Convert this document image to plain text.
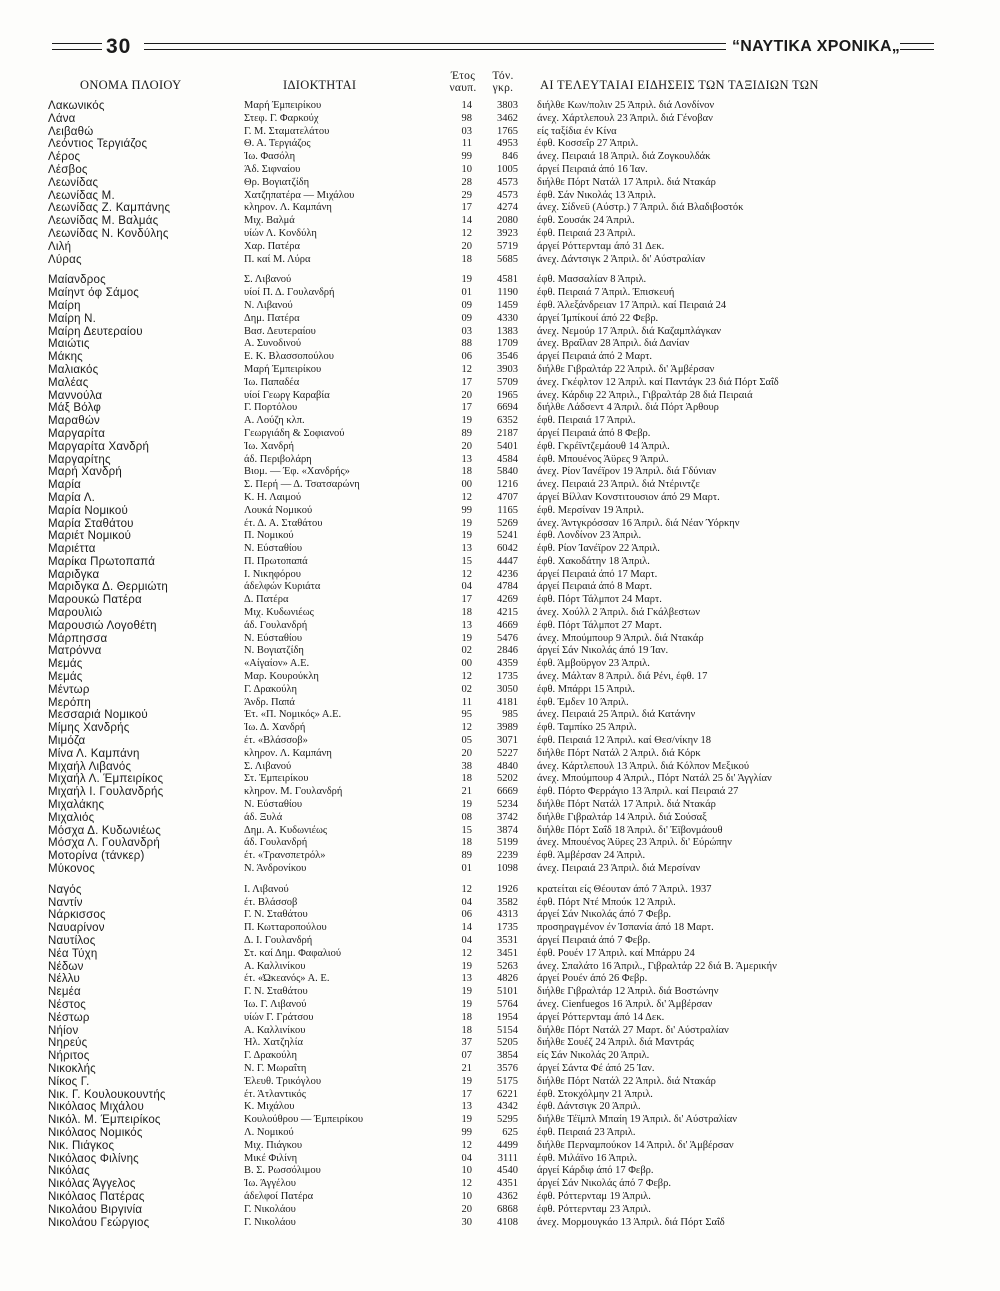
30	“ΝΑΥΤΙΚΑ ΧΡΟΝΙΚΑ„
ΟΝΟΜΑ ΠΛΟΙΟΥ	ΙΔΙΟΚΤΗΤΑΙ
Έτος ναυπ.
Τόν. γκρ.	ΑΙ ΤΕΛΕΥΤΑΙΑΙ ΕΙΔΗΣΕΙΣ ΤΩΝ ΤΑΞΙΔΙΩΝ ΤΩΝ
Λακωνικός	Μαρή Έμπειρίκου	14	3803 διήλθε Κων/πολιν 25 Άπριλ. διά Λονδίνον
Λάνα	Στεφ. Γ. Φαρκούχ	98	3462 άνεχ. Χάρτλεπουλ 23 Άπριλ. διά Γένοβαν
Λειβαθώ	Γ. Μ. Σταματελάτου	03	1765 είς ταξίδια έν Κίνα
Λεόντιος Τεργιάζος	Θ. Α. Τεργιάζος	11	4953 έφθ. Κοσσεΐρ 27 Άπριλ.
Λέρος	Ίω. Φασόλη	99	846 άνεχ. Πειραιά 18 Άπριλ. διά Ζογκουλδάκ
Λέσβος	Άδ. Σιφναίου	10	1005 άργεί Πειραιά άπό 16 Ίαν.
Λεωνίδας	Θρ. Βογιατζίδη	28	4573 διήλθε Πόρτ Νατάλ 17 Άπριλ. διά Ντακάρ
Λεωνίδας Μ.	Χατζηπατέρα — Μιχάλου	29	4573 έφθ. Σάν Νικολάς 13 Άπριλ.
Λεωνίδας Ζ. Καμπάνης	κληρον. Λ. Καμπάνη	17	4274 άνεχ. Σίδνεϋ (Αύστρ.) 7 Άπριλ. διά Βλαδιβοστόκ
Λεωνίδας Μ. Βαλμάς	Μιχ. Βαλμά	14	2080 έφθ. Σουσάκ 24 Άπριλ.
Λεωνίδας Ν. Κονδύλης	υίών Λ. Κονδύλη	12	3923 έφθ. Πειραιά 23 Άπριλ.
Λιλή	Χαρ. Πατέρα	20	5719 άργεί Ρόττερνταμ άπό 31 Δεκ.
Λύρας	Π. καί Μ. Λύρα	18	5685 άνεχ. Δάντσιγκ 2 Άπριλ. δι' Αύστραλίαν
Μαίανδρος	Σ. Λιβανού	19	4581 έφθ. Μασσαλίαν 8 Άπριλ.
Μαίηντ όφ Σάμος	υίοί Π. Δ. Γουλανδρή	01	1190 έφθ. Πειραιά 7 Άπριλ. Έπισκευή
Μαίρη	Ν. Λιβανού	09	1459 έφθ. Άλεξάνδρειαν 17 Άπριλ. καί Πειραιά 24
Μαίρη Ν.	Δημ. Πατέρα	09	4330 άργεί Ίμπίκουί άπό 22 Φεβρ.
Μαίρη Δευτεραίου	Βασ. Δευτεραίου	03	1383 άνεχ. Νεμούρ 17 Άπριλ. διά Καζαμπλάγκαν
Μαιώτις	Α. Συνοδινού	88	1709 άνεχ. Βραΐλαν 28 Άπριλ. διά Δανίαν
Μάκης	Ε. Κ. Βλασσοπούλου	06	3546 άργεί Πειραιά άπό 2 Μαρτ.
Μαλιακός	Μαρή Έμπειρίκου	12	3903 διήλθε Γιβραλτάρ 22 Άπριλ. δι' Άμβέρσαν
Μαλέας	Ίω. Παπαδέα	17	5709 άνεχ. Γκέφλτον 12 Άπριλ. καί Παντάγκ 23 διά Πόρτ Σαΐδ
Μαννούλα	υίοί Γεωργ Καραβία	20	1965 άνεχ. Κάρδιφ 22 Άπριλ., Γιβραλτάρ 28 διά Πειραιά
Μάξ Βόλφ	Γ. Πορτόλου	17	6694 διήλθε Λάδσεντ 4 Άπριλ. διά Πόρτ Άρθουρ
Μαραθών	Α. Λούζη κλπ.	19	6352 έφθ. Πειραιά 17 Άπριλ.
Μαργαρίτα	Γεωργιάδη & Σοφιανού	89	2187 άργεί Πειραιά άπό 8 Φεβρ.
Μαργαρίτα Χανδρή	Ίω. Χανδρή	20	5401 έφθ. Γκρέϊντζεμάουθ 14 Άπριλ.
Μαργαρίτης	άδ. Περιβολάρη	13	4584 έφθ. Μπουένος Άϋρες 9 Άπριλ.
Μαρή Χανδρή	Βιομ. — Έφ. «Χανδρής»	18	5840 άνεχ. Ρίον Ίανέϊρον 19 Άπριλ. διά Γδύνιαν
Μαρία	Σ. Περή — Δ. Τσατσαρώνη	00	1216 άνεχ. Πειραιά 23 Άπριλ. διά Ντέριντζε
Μαρία Λ.	Κ. Η. Λαιμού	12	4707 άργεί Βίλλαν Κονστιτουσιον άπό 29 Μαρτ.
Μαρία Νομικού	Λουκά Νομικού	99	1165 έφθ. Μερσίναν 19 Άπριλ.
Μαρία Σταθάτου	έτ. Δ. Α. Σταθάτου	19	5269 άνεχ. Άντγκρόσσαν 16 Άπριλ. διά Νέαν Ύόρκην
Μαριέτ Νομικού	Π. Νομικού	19	5241 έφθ. Λονδίνον 23 Άπριλ.
Μαριέττα	Ν. Εύσταθίου	13	6042 έφθ. Ρίον Ίανέϊρον 22 Άπριλ.
Μαρίκα Πρωτοπαπά	Π. Πρωτοπαπά	15	4447 έφθ. Χακοδάτην 18 Άπριλ.
Μαριδγκα	Ι. Νικηφόρου	12	4236 άργεί Πειραιά άπό 17 Μαρτ.
Μαριδγκα Δ. Θερμιώτη	άδελφών Κυριάτα	04	4784 άργεί Πειραιά άπό 8 Μαρτ.
Μαρουκώ Πατέρα	Δ. Πατέρα	17	4269 έφθ. Πόρτ Τάλμποτ 24 Μαρτ.
Μαρουλιώ	Μιχ. Κυδωνιέως	18	4215 άνεχ. Χούλλ 2 Άπριλ. διά Γκάλβεστων
Μαρουσιώ Λογοθέτη	άδ. Γουλανδρή	13	4669 έφθ. Πόρτ Τάλμποτ 27 Μαρτ.
Μάρπησσα	Ν. Εύσταθίου	19	5476 άνεχ. Μπούμπουρ 9 Άπριλ. διά Ντακάρ
Ματρόννα	Ν. Βογιατζίδη	02	2846 άργεί Σάν Νικολάς άπό 19 Ίαν.
Μεμάς	«Αίγαίον» Α.Ε.	00	4359 έφθ. Άμβοϋργον 23 Άπριλ.
Μεμάς	Μαρ. Κουρούκλη	12	1735 άνεχ. Μάλταν 8 Άπριλ. διά Ρένι, έφθ. 17
Μέντωρ	Γ. Δρακούλη	02	3050 έφθ. Μπάρρι 15 Άπριλ.
Μερόπη	Άνδρ. Παπά	11	4181 έφθ. Έμδεν 10 Άπριλ.
Μεσσαριά Νομικού	Έτ. «Π. Νομικός» Α.Ε.	95	985 άνεχ. Πειραιά 25 Άπριλ. διά Κατάνην
Μίμης Χανδρής	Ίω. Δ. Χανδρή	12	3989 έφθ. Ταμπίκο 25 Άπριλ.
Μιμόζα	έτ. «Βλάσσοβ»	05	3071 έφθ. Πειραιά 12 Άπριλ. καί Θεσ/νίκην 18
Μίνα Λ. Καμπάνη	κληρον. Λ. Καμπάνη	20	5227 διήλθε Πόρτ Νατάλ 2 Άπριλ. διά Κόρκ
Μιχαήλ Λιβανός	Σ. Λιβανού	38	4840 άνεχ. Κάρτλεπουλ 13 Άπριλ. διά Κόλπον Μεξικού
Μιχαήλ Λ. Έμπειρίκος	Στ. Έμπειρίκου	18	5202 άνεχ. Μπούμπουρ 4 Άπριλ., Πόρτ Νατάλ 25 δι' Άγγλίαν
Μιχαήλ Ι. Γουλανδρής	κληρον. Μ. Γουλανδρή	21	6669 έφθ. Πόρτο Φερράγιο 13 Άπριλ. καί Πειραιά 27
Μιχαλάκης	Ν. Εύσταθίου	19	5234 διήλθε Πόρτ Νατάλ 17 Άπριλ. διά Ντακάρ
Μιχαλιός	άδ. Ξυλά	08	3742 διήλθε Γιβραλτάρ 14 Άπριλ. διά Σούσαξ
Μόσχα Δ. Κυδωνιέως	Δημ. Α. Κυδωνιέως	15	3874 διήλθε Πόρτ Σαΐδ 18 Άπριλ. δι' Έϊβονμάουθ
Μόσχα Λ. Γουλανδρή	άδ. Γουλανδρή	18	5199 άνεχ. Μπουένος Άϋρες 23 Άπριλ. δι' Εύρώπην
Μοτορίνα (τάνκερ)	έτ. «Τρανσπετρόλ»	89	2239 έφθ. Άμβέρσαν 24 Άπριλ.
Μύκονος	Ν. Άνδρονίκου	01	1098 άνεχ. Πειραιά 23 Άπριλ. διά Μερσίναν
Ναγός	Ι. Λιβανού	12	1926 κρατείται είς Θέουταν άπό 7 Άπριλ. 1937
Ναντίν	έτ. Βλάσσοβ	04	3582 έφθ. Πόρτ Ντέ Μπούκ 12 Άπριλ.
Νάρκισσος	Γ. Ν. Σταθάτου	06	4313 άργεί Σάν Νικολάς άπό 7 Φεβρ.
Ναυαρίνον	Π. Κωτταροπούλου	14	1735 προσηραγμένον έν Ίσπανία άπό 18 Μαρτ.
Ναυτίλος	Δ. Ι. Γουλανδρή	04	3531 άργεί Πειραιά άπό 7 Φεβρ.
Νέα Τύχη	Στ. καί Δημ. Φαφαλιού	12	3451 έφθ. Ρουέν 17 Άπριλ. καί Μπάρρυ 24
Νέδων	Α. Καλλινίκου	19	5263 άνεχ. Σπαλάτο 16 Άπριλ., Γιβραλτάρ 22 διά Β. Άμερικήν
Νέλλυ	έτ. «Ώκεανός» Α. Ε.	13	4826 άργεί Ρουέν άπό 26 Φεβρ.
Νεμέα	Γ. Ν. Σταθάτου	19	5101 διήλθε Γιβραλτάρ 12 Άπριλ. διά Βοστώνην
Νέστος	Ίω. Γ. Λιβανού	19	5764 άνεχ. Cienfuegos 16 Άπριλ. δι' Άμβέρσαν
Νέστωρ	υίών Γ. Γράτσου	18	1954 άργεί Ρόττερνταμ άπό 14 Δεκ.
Νήίον	Α. Καλλινίκου	18	5154 διήλθε Πόρτ Νατάλ 27 Μαρτ. δι' Αύστραλίαν
Νηρεύς	Ήλ. Χατζηλία	37	5205 διήλθε Σουέζ 24 Άπριλ. διά Μαντράς
Νήριτος	Γ. Δρακούλη	07	3854 είς Σάν Νικολάς 20 Άπριλ.
Νικοκλής	Ν. Γ. Μωραΐτη	21	3576 άργεί Σάντα Φέ άπό 25 Ίαν.
Νίκος Γ.	Έλευθ. Τρικόγλου	19	5175 διήλθε Πόρτ Νατάλ 22 Άπριλ. διά Ντακάρ
Νικ. Γ. Κουλουκουντής	έτ. Άτλαντικός	17	6221 έφθ. Στοκχόλμην 21 Άπριλ.
Νικόλαος Μιχάλου	Κ. Μιχάλου	13	4342 έφθ. Δάντσιγκ 20 Άπριλ.
Νικόλ. Μ. Έμπειρίκος	Κουλούθρου — Έμπειρίκου	19	5295 διήλθε Τέϊμπλ Μπαίη 19 Άπριλ. δι' Αύστραλίαν
Νικόλαος Νομικός	Λ. Νομικού	99	625 έφθ. Πειραιά 23 Άπριλ.
Νικ. Πιάγκος	Μιχ. Πιάγκου	12	4499 διήλθε Περναμπούκον 14 Άπριλ. δι' Άμβέρσαν
Νικόλαος Φιλίνης	Μικέ Φιλίνη	04	3111 έφθ. Μιλάϊνο 16 Άπριλ.
Νικόλας	Β. Σ. Ρωσσόλιμου	10	4540 άργεί Κάρδιφ άπό 17 Φεβρ.
Νικόλας Άγγελος	Ίω. Άγγέλου	12	4351 άργεί Σάν Νικολάς άπό 7 Φεβρ.
Νικόλαος Πατέρας	άδελφοί Πατέρα	10	4362 έφθ. Ρόττερνταμ 19 Άπριλ.
Νικολάου Βιργινία	Γ. Νικολάου	20	6868 έφθ. Ρόττερνταμ 23 Άπριλ.
Νικολάου Γεώργιος	Γ. Νικολάου	30	4108 άνεχ. Μορμουγκάο 13 Άπριλ. διά Πόρτ Σαΐδ
